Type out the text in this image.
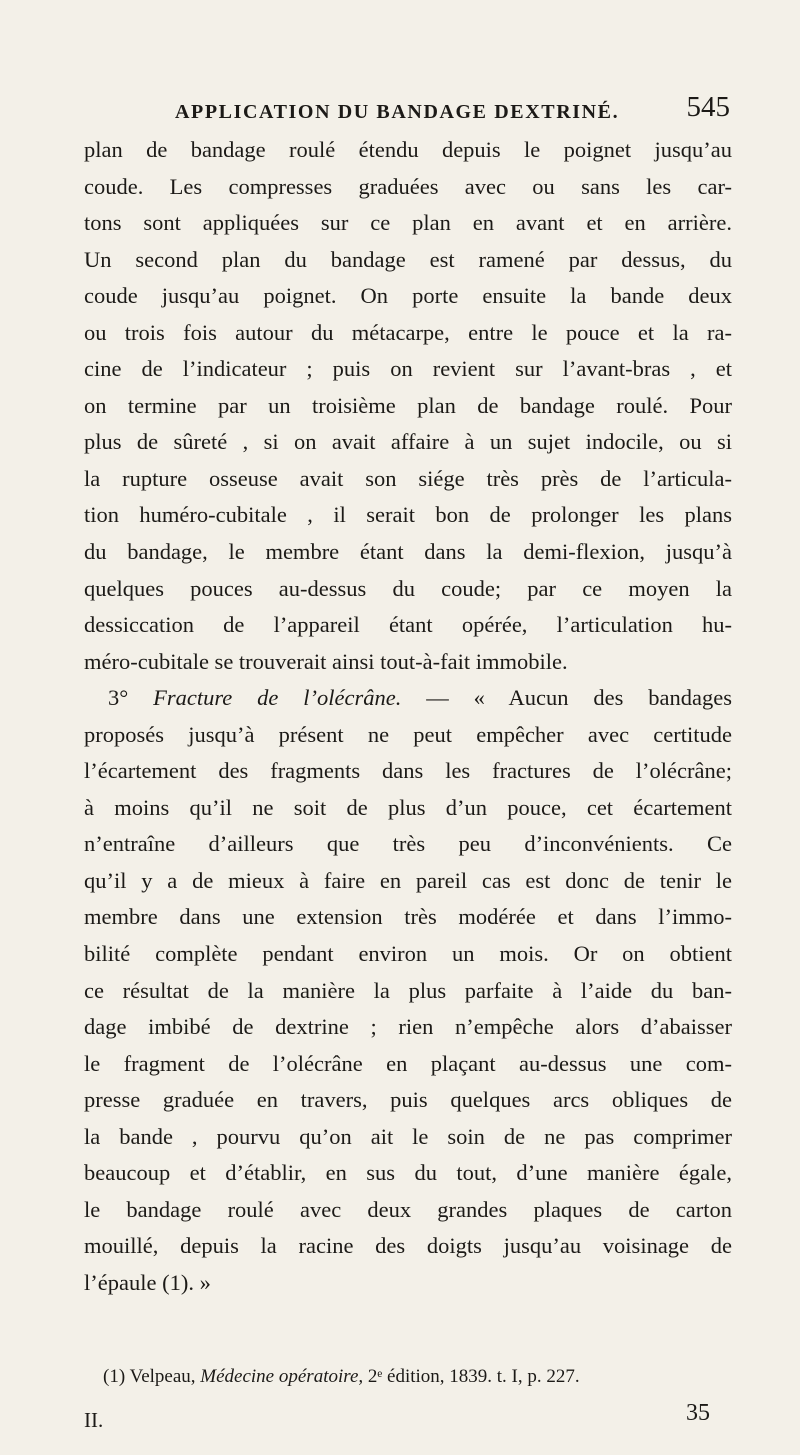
APPLICATION DU BANDAGE DEXTRINÉ. 545
plan de bandage roulé étendu depuis le poignet jusqu’au
coude. Les compresses graduées avec ou sans les car-
tons sont appliquées sur ce plan en avant et en arrière.
Un second plan du bandage est ramené par dessus, du
coude jusqu’au poignet. On porte ensuite la bande deux
ou trois fois autour du métacarpe, entre le pouce et la ra-
cine de l’indicateur ; puis on revient sur l’avant-bras , et
on termine par un troisième plan de bandage roulé. Pour
plus de sûreté , si on avait affaire à un sujet indocile, ou si
la rupture osseuse avait son siége très près de l’articula-
tion huméro-cubitale , il serait bon de prolonger les plans
du bandage, le membre étant dans la demi-flexion, jusqu’à
quelques pouces au-dessus du coude; par ce moyen la
dessiccation de l’appareil étant opérée, l’articulation hu-
méro-cubitale se trouverait ainsi tout-à-fait immobile.
3° Fracture de l’olécrâne. — « Aucun des bandages
proposés jusqu’à présent ne peut empêcher avec certitude
l’écartement des fragments dans les fractures de l’olécrâne;
à moins qu’il ne soit de plus d’un pouce, cet écartement
n’entraîne d’ailleurs que très peu d’inconvénients. Ce
qu’il y a de mieux à faire en pareil cas est donc de tenir le
membre dans une extension très modérée et dans l’immo-
bilité complète pendant environ un mois. Or on obtient
ce résultat de la manière la plus parfaite à l’aide du ban-
dage imbibé de dextrine ; rien n’empêche alors d’abaisser
le fragment de l’olécrâne en plaçant au-dessus une com-
presse graduée en travers, puis quelques arcs obliques de
la bande , pourvu qu’on ait le soin de ne pas comprimer
beaucoup et d’établir, en sus du tout, d’une manière égale,
le bandage roulé avec deux grandes plaques de carton
mouillé, depuis la racine des doigts jusqu’au voisinage de
l’épaule (1). »
(1) Velpeau, Médecine opératoire, 2ᵉ édition, 1839. t. I, p. 227.
II.	35
